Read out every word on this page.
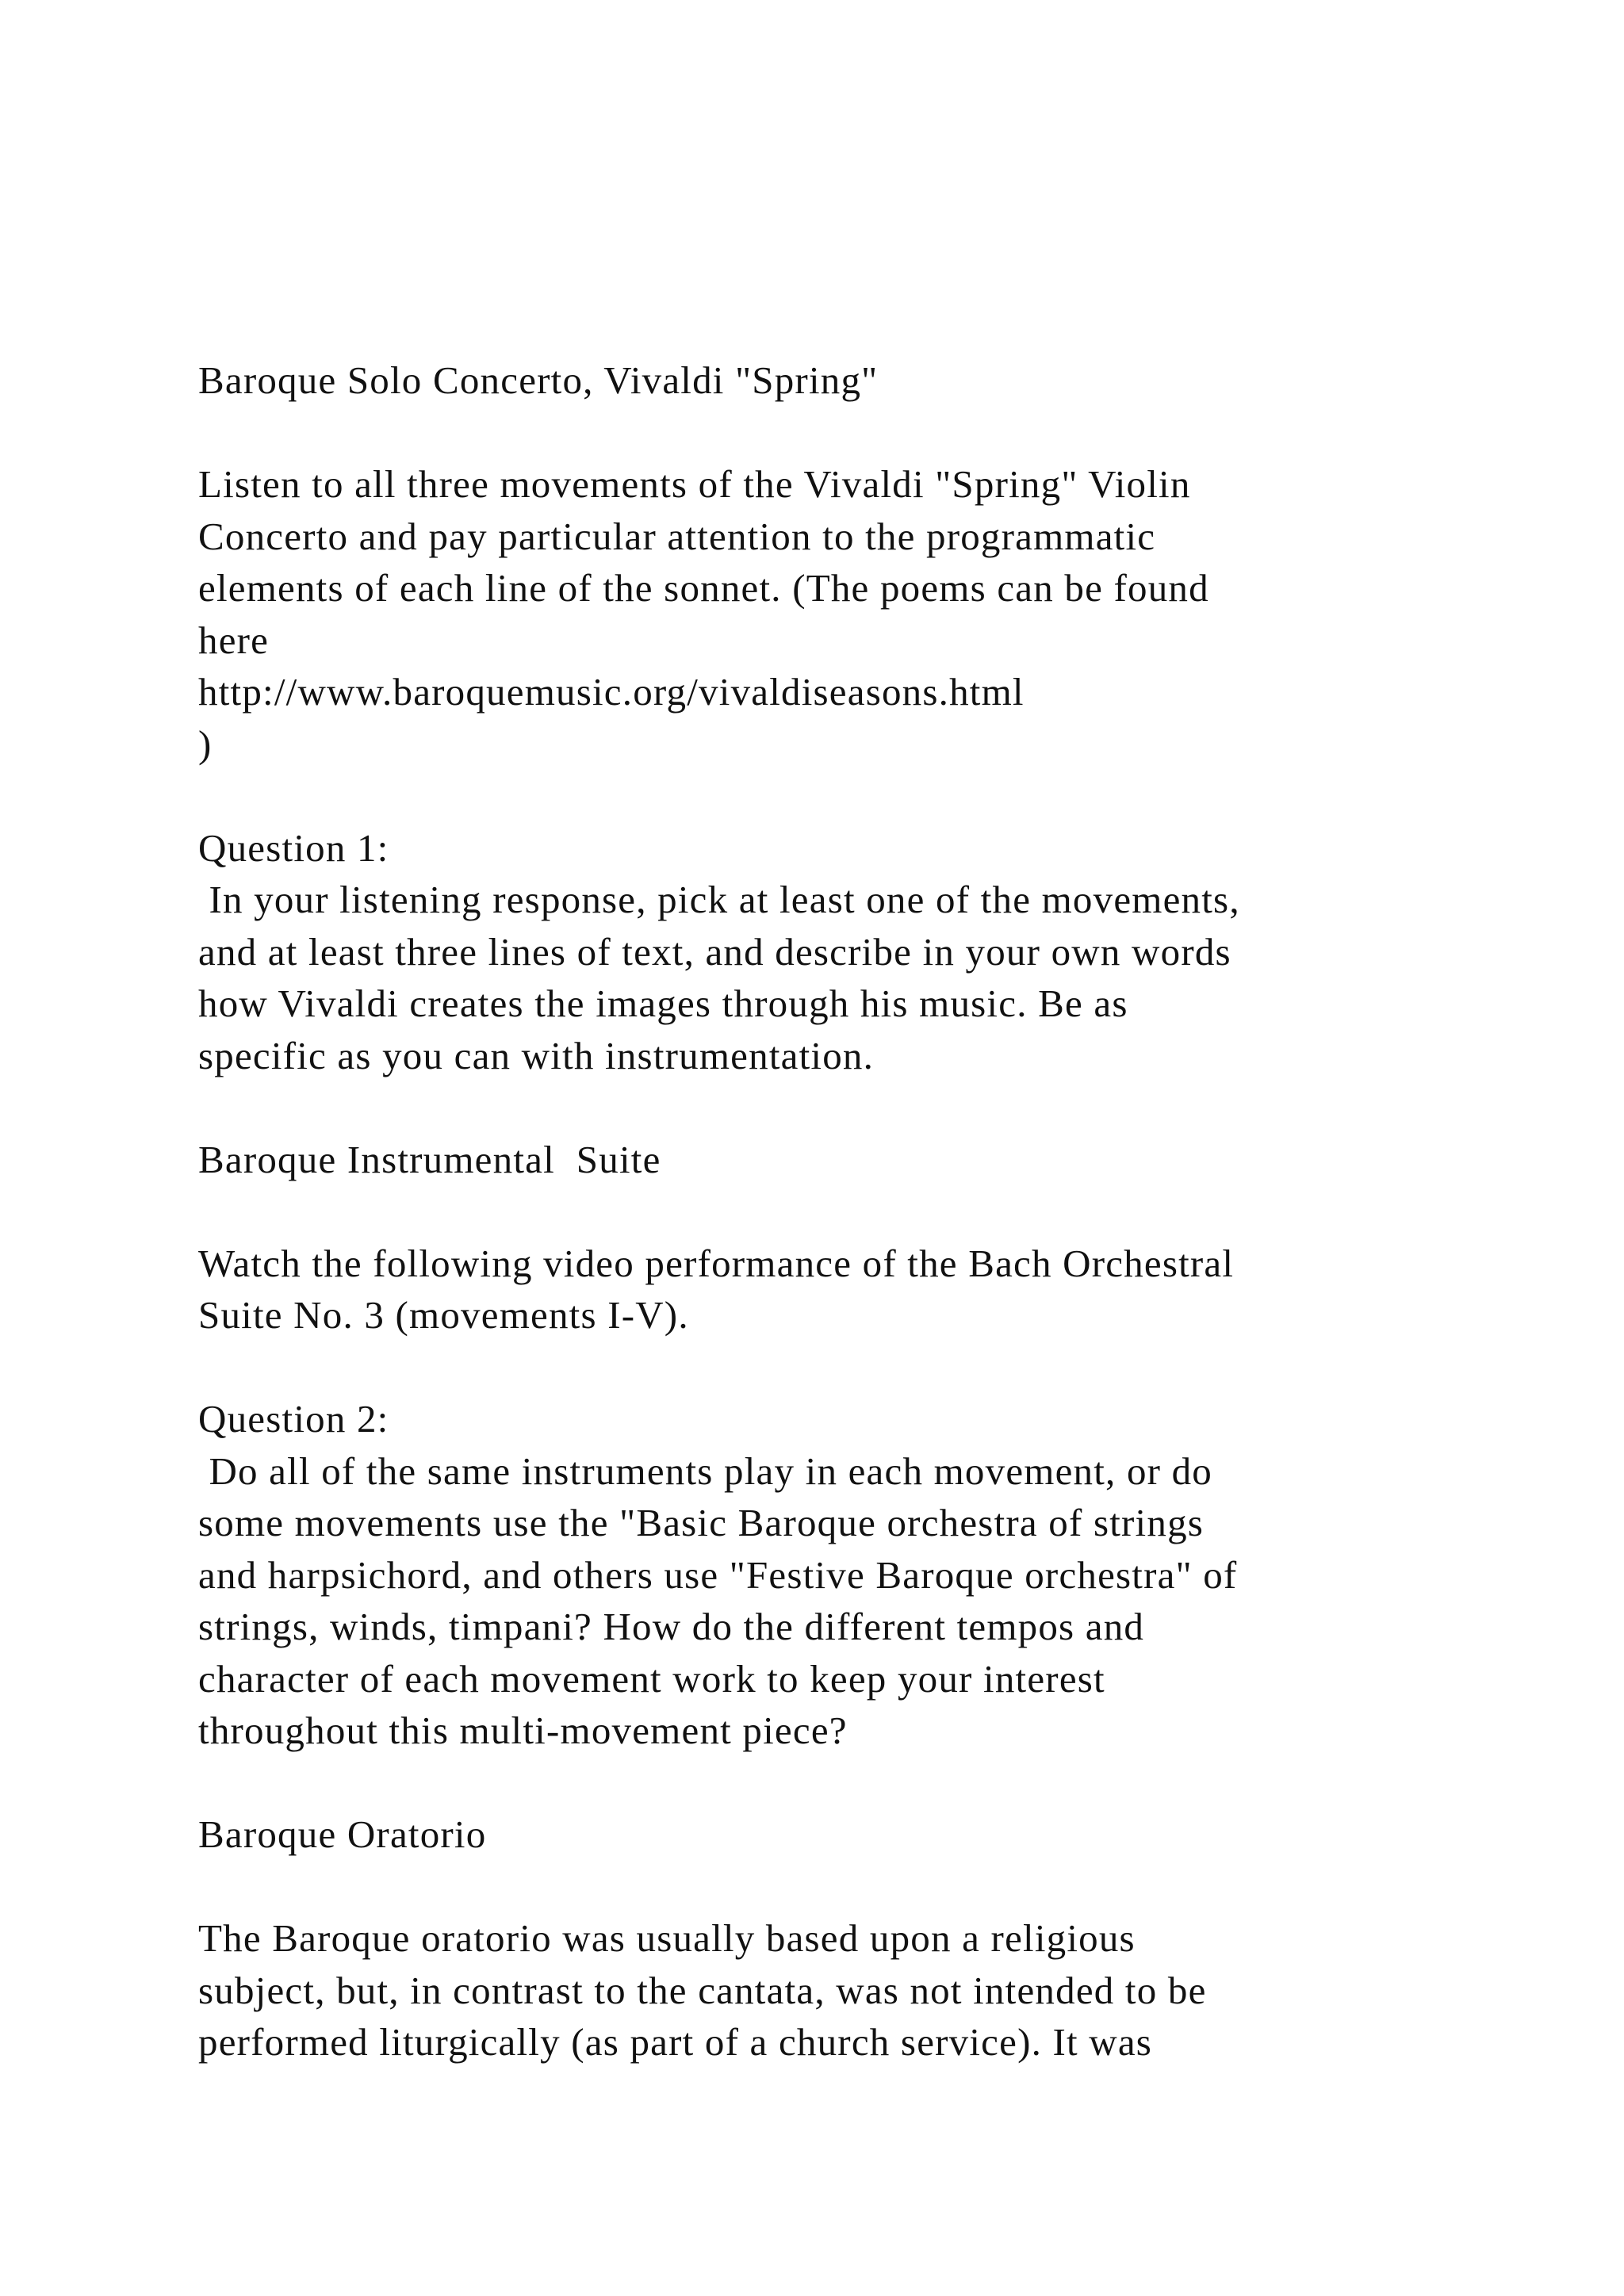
Baroque Solo Concerto, Vivaldi "Spring"
Listen to all three movements of the Vivaldi "Spring" Violin
Concerto and pay particular attention to the programmatic
elements of each line of the sonnet. (The poems can be found
here
http://www.baroquemusic.org/vivaldiseasons.html
)
Question 1:
In your listening response, pick at least one of the movements,
and at least three lines of text, and describe in your own words
how Vivaldi creates the images through his music. Be as
specific as you can with instrumentation.
Baroque Instrumental  Suite
Watch the following video performance of the Bach Orchestral
Suite No. 3 (movements I-V).
Question 2:
Do all of the same instruments play in each movement, or do
some movements use the "Basic Baroque orchestra of strings
and harpsichord, and others use "Festive Baroque orchestra" of
strings, winds, timpani? How do the different tempos and
character of each movement work to keep your interest
throughout this multi-movement piece?
Baroque Oratorio
The Baroque oratorio was usually based upon a religious
subject, but, in contrast to the cantata, was not intended to be
performed liturgically (as part of a church service). It was
